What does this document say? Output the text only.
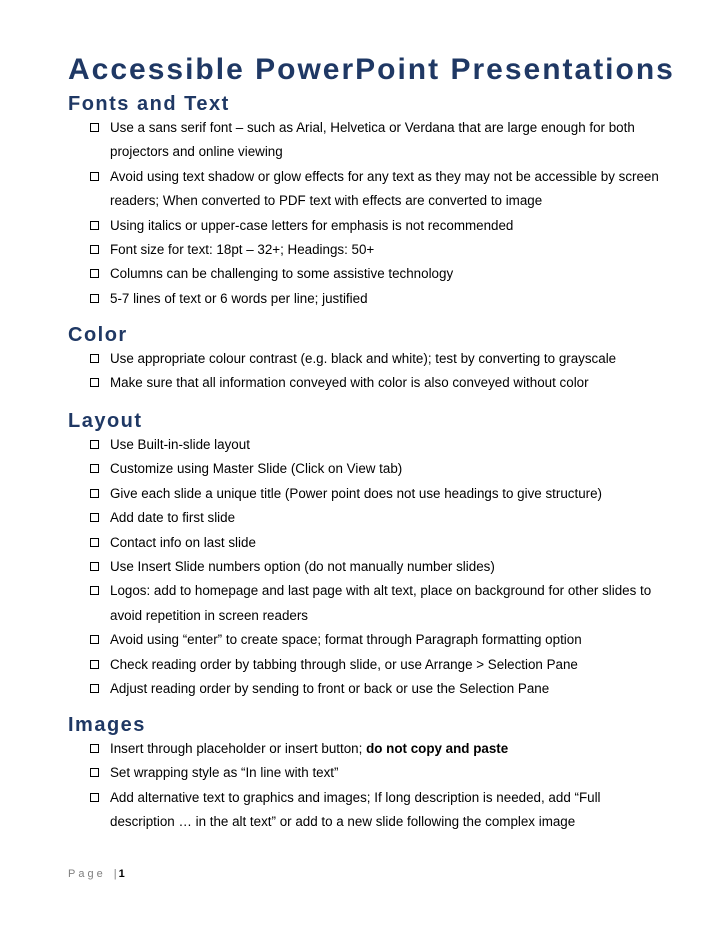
Accessible PowerPoint Presentations
Fonts and Text
Use a sans serif font – such as Arial, Helvetica or Verdana that are large enough for both projectors and online viewing
Avoid using text shadow or glow effects for any text as they may not be accessible by screen readers; When converted to PDF text with effects are converted to image
Using italics or upper-case letters for emphasis is not recommended
Font size for text: 18pt – 32+; Headings: 50+
Columns can be challenging to some assistive technology
5-7 lines of text or 6 words per line; justified
Color
Use appropriate colour contrast (e.g. black and white); test by converting to grayscale
Make sure that all information conveyed with color is also conveyed without color
Layout
Use Built-in-slide layout
Customize using Master Slide (Click on View tab)
Give each slide a unique title (Power point does not use headings to give structure)
Add date to first slide
Contact info on last slide
Use Insert Slide numbers option (do not manually number slides)
Logos: add to homepage and last page with alt text, place on background for other slides to avoid repetition in screen readers
Avoid using “enter” to create space; format through Paragraph formatting option
Check reading order by tabbing through slide, or use Arrange > Selection Pane
Adjust reading order by sending to front or back or use the Selection Pane
Images
Insert through placeholder or insert button; do not copy and paste
Set wrapping style as “In line with text”
Add alternative text to graphics and images; If long description is needed, add “Full description … in the alt text” or add to a new slide following the complex image
Page | 1
